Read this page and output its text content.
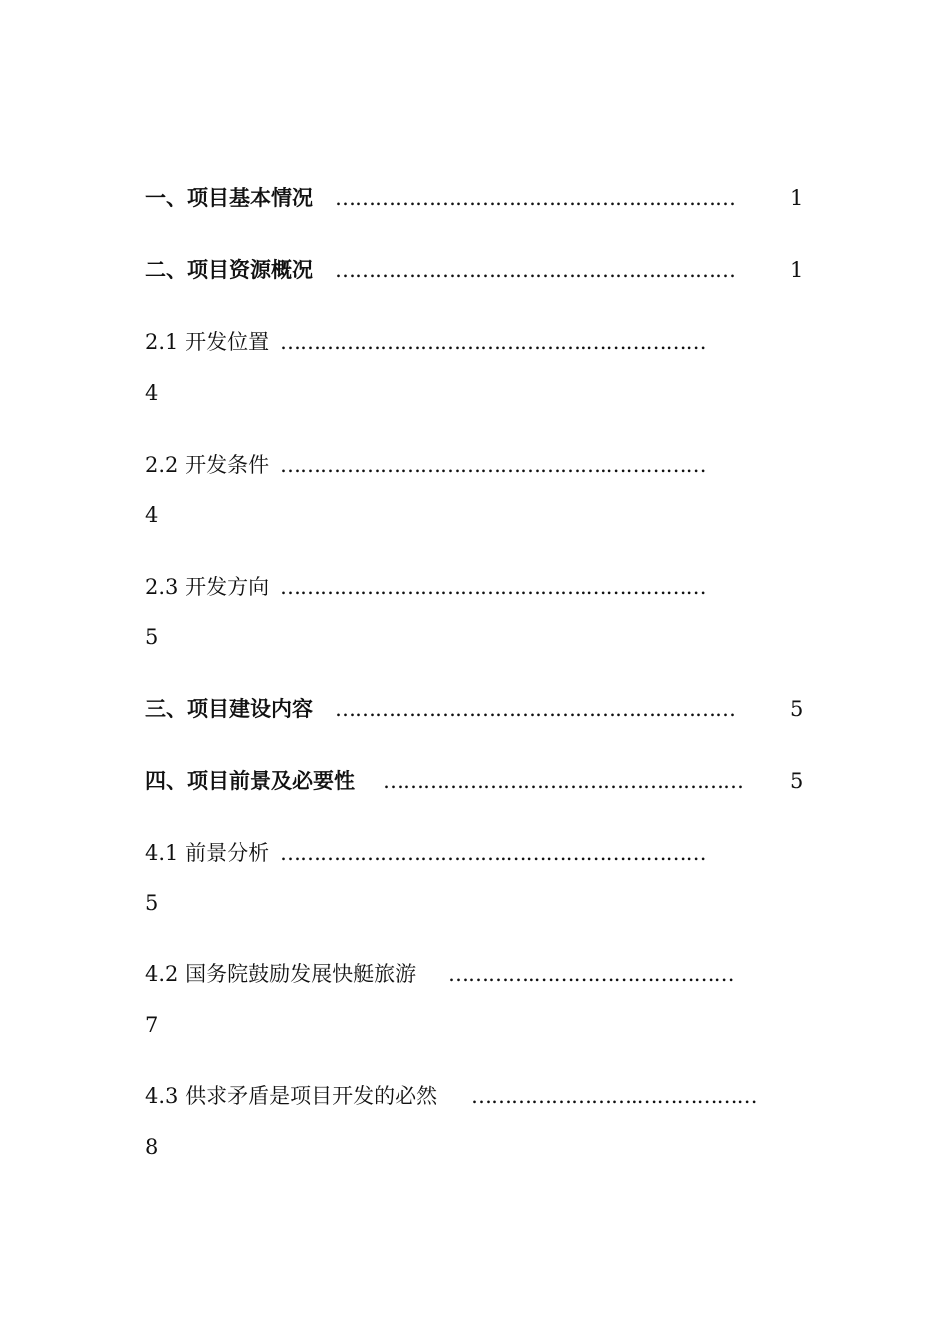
一、项目基本情况 ……………………………………………………	1
二、项目资源概况 ……………………………………………………	1
2.1 开发位置 ……………………………………….………………
4
2.2 开发条件 ………………………………………….……………
4
2.3 开发方向 ……………………………………….………………
5
三、项目建设内容 ……………………………………………………	5
四、项目前景及必要性 ………………………………………………	5
4.1 前景分析 …………………………….…………………………
5
4.2 国务院鼓励发展快艇旅游 ………….…………………………
7
4.3 供求矛盾是项目开发的必然 …………………….………………
8
